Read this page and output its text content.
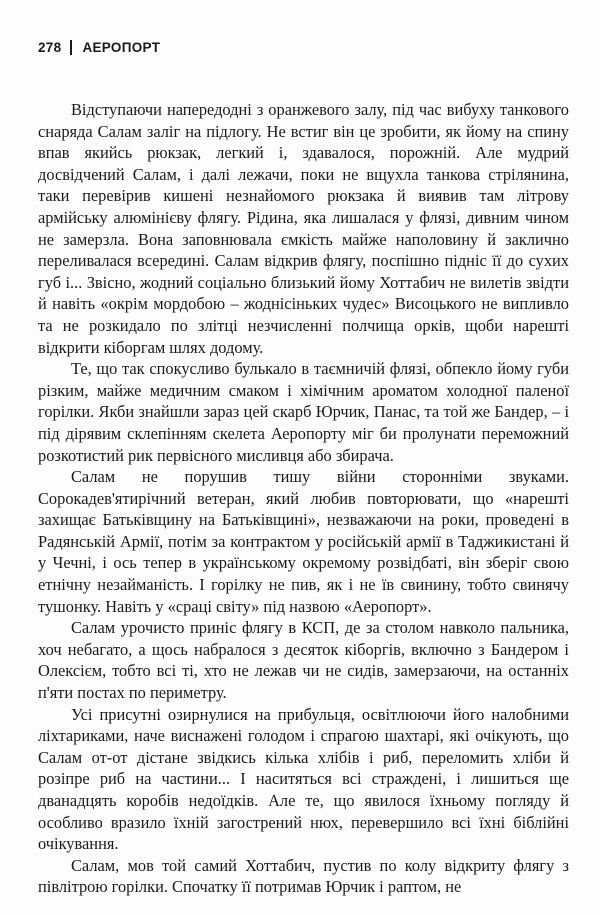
278 АЕРОПОРТ

Відступаючи напередодні з оранжевого залу, під час вибуху танкового снаряда Салам заліг на підлогу. Не встиг він це зробити, як йому на спину впав якийсь рюкзак, легкий і, здавалося, порожній. Але мудрий досвідчений Салам, і далі лежачи, поки не вщухла танкова стрілянина, таки перевірив кишені незнайомого рюкзака й виявив там літрову армійську алюмінієву флягу. Рідина, яка лишалася у флязі, дивним чином не замерзла. Вона заповнювала ємкість майже наполовину й заклично переливалася всередині. Салам відкрив флягу, поспішно підніс її до сухих губ і... Звісно, жодний соціально близький йому Хоттабич не вилетів звідти й навіть «окрім мордобою – жоднісіньких чудес» Висоцького не випливло та не розкидало по злітці незчисленні полчища орків, щоби нарешті відкрити кіборгам шлях додому.

Те, що так спокусливо булькало в таємничій флязі, обпекло йому губи різким, майже медичним смаком і хімічним ароматом холодної паленої горілки. Якби знайшли зараз цей скарб Юрчик, Панас, та той же Бандер, – і під дірявим склепінням скелета Аеропорту міг би пролунати переможний розкотистий рик первісного мисливця або збирача.

Салам не порушив тишу війни сторонніми звуками. Сорокадев'ятирічний ветеран, який любив повторювати, що «нарешті захищає Батьківщину на Батьківщині», незважаючи на роки, проведені в Радянській Армії, потім за контрактом у російській армії в Таджикистані й у Чечні, і ось тепер в українському окремому розвідбаті, він зберіг свою етнічну незайманість. І горілку не пив, як і не їв свинину, тобто свинячу тушонку. Навіть у «сраці світу» під назвою «Аеропорт».

Салам урочисто приніс флягу в КСП, де за столом навколо пальника, хоч небагато, а щось набралося з десяток кіборгів, включно з Бандером і Олексієм, тобто всі ті, хто не лежав чи не сидів, замерзаючи, на останніх п'яти постах по периметру.

Усі присутні озирнулися на прибульця, освітлюючи його налобними ліхтариками, наче виснажені голодом і спрагою шахтарі, які очікують, що Салам от-от дістане звідкись кілька хлібів і риб, переломить хліби й розіпре риб на частини... І наситяться всі страждені, і лишиться ще дванадцять коробів недоїдків. Але те, що явилося їхньому погляду й особливо вразило їхній загострений нюх, перевершило всі їхні біблійні очікування.

Салам, мов той самий Хоттабич, пустив по колу відкриту флягу з півлітрою горілки. Спочатку її потримав Юрчик і раптом, не
